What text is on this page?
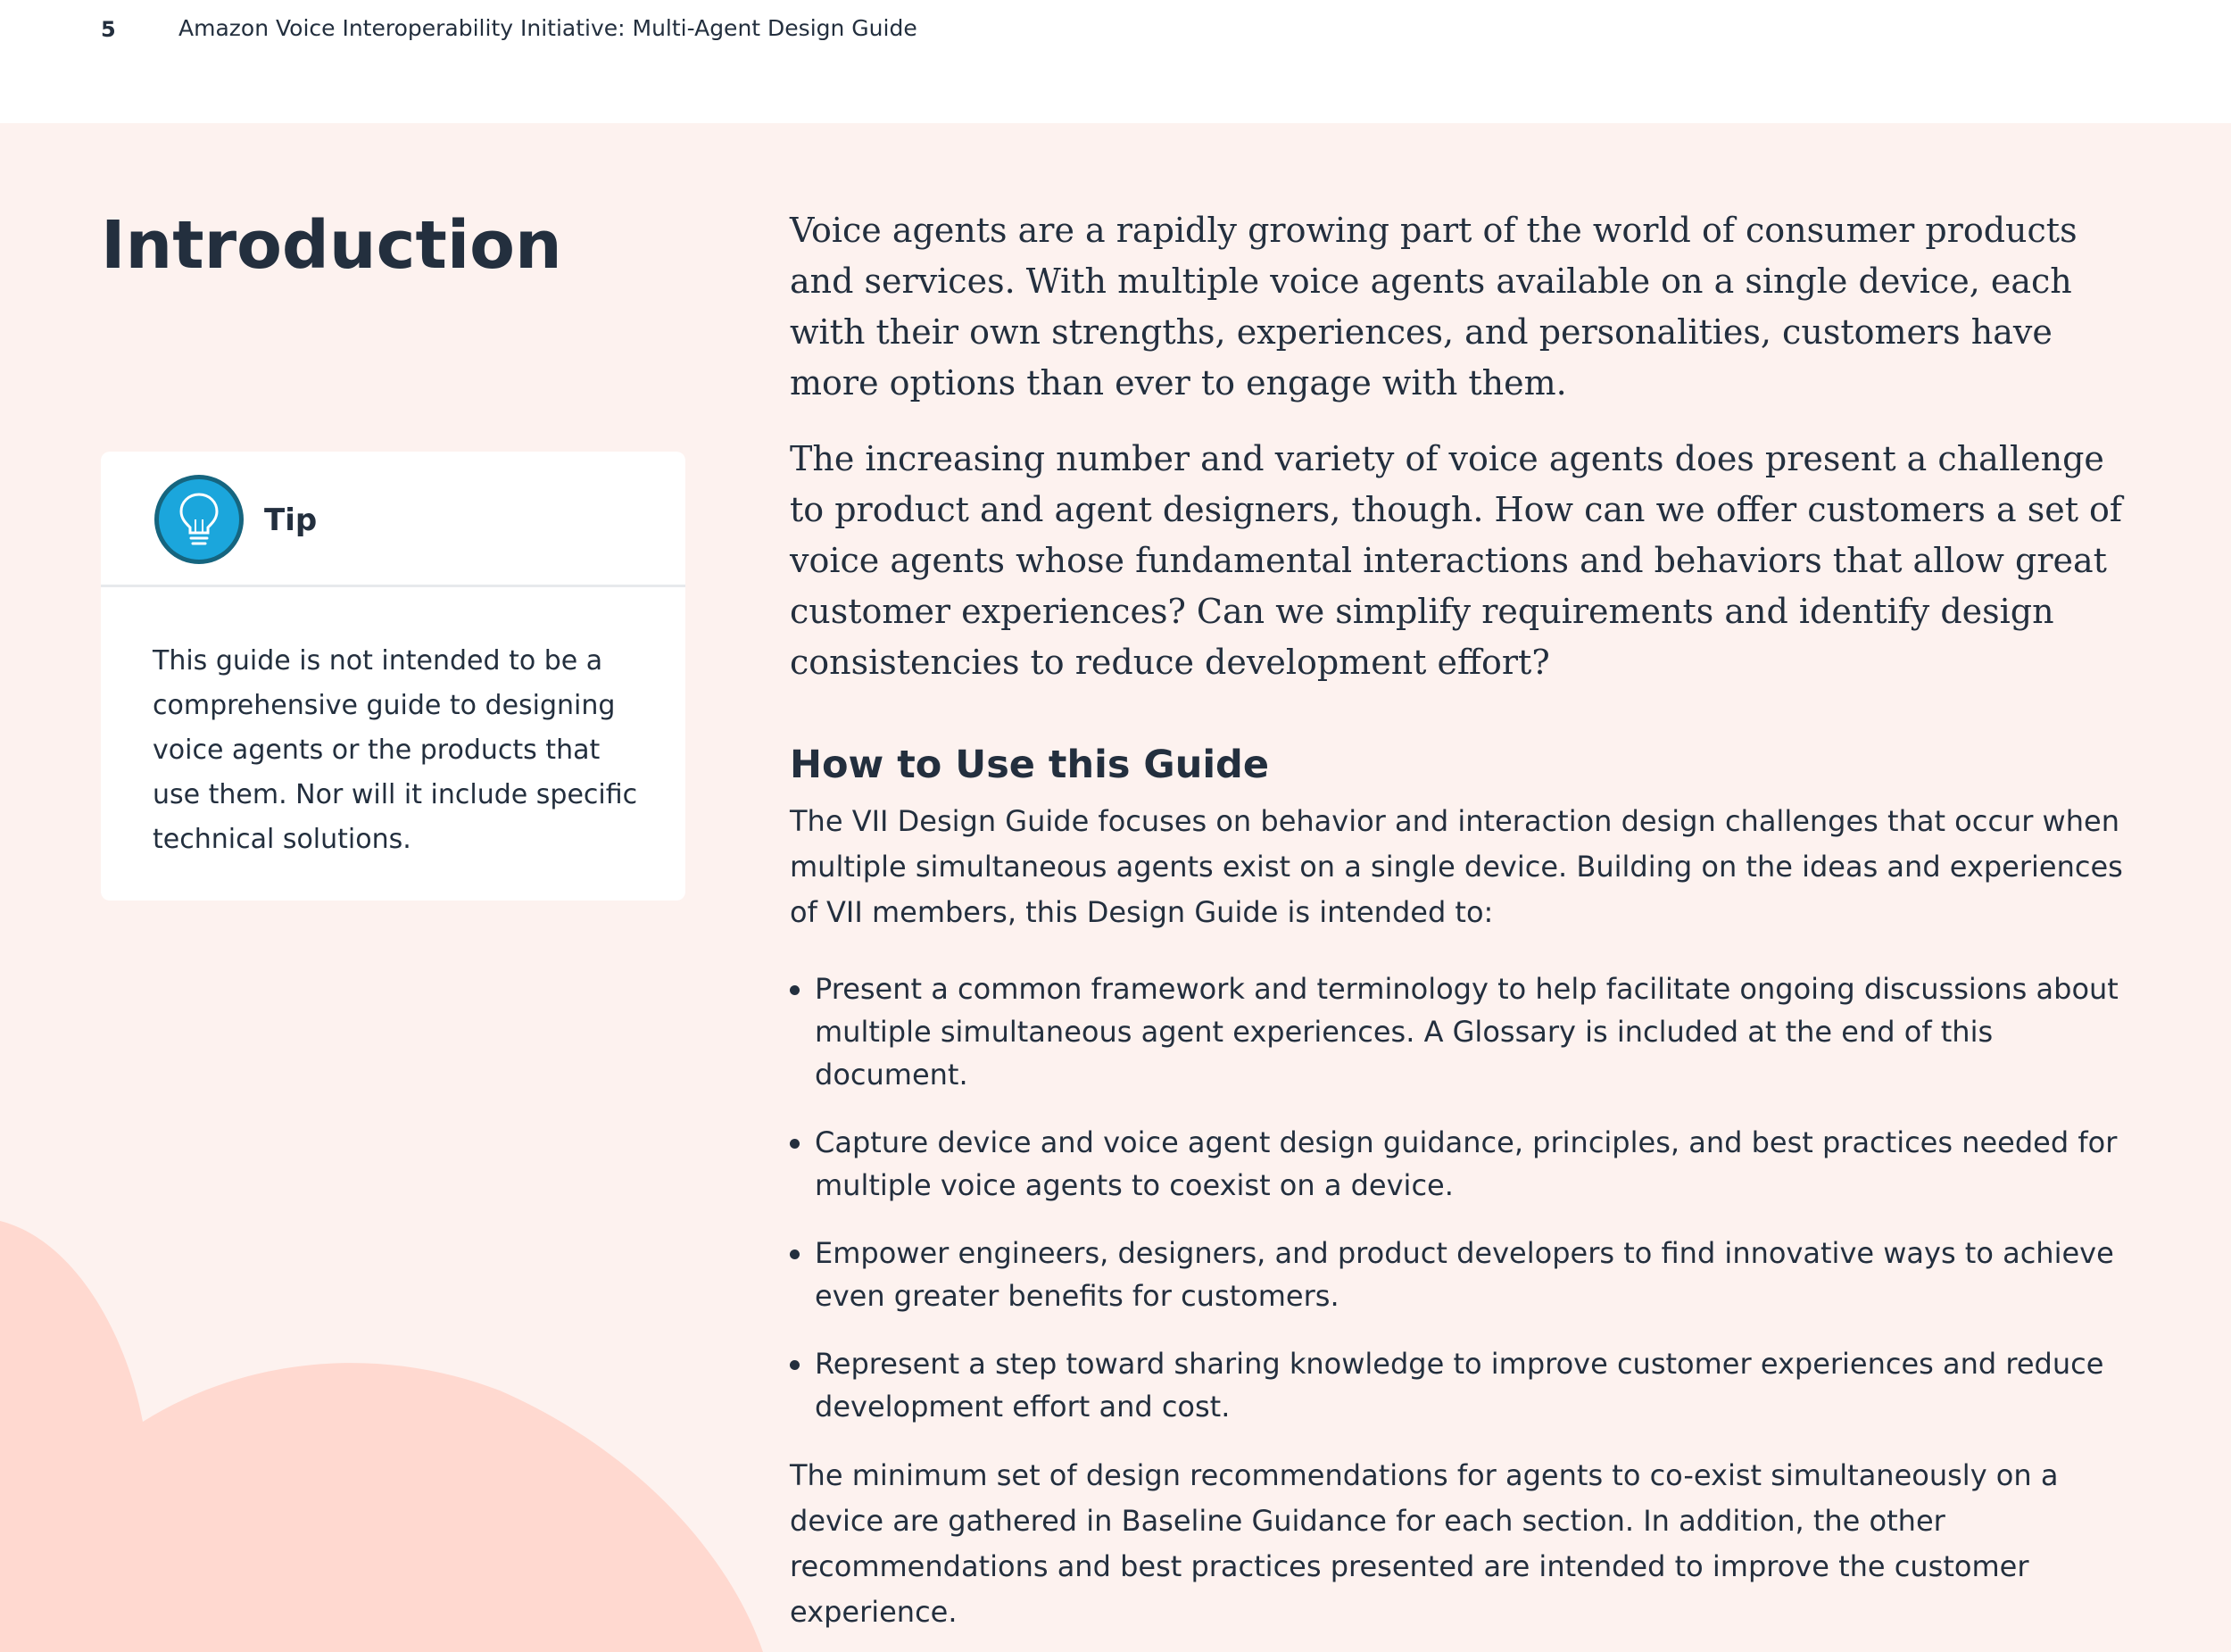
5	Amazon Voice Interoperability Initiative: Multi-Agent Design Guide
Introduction
Tip

This guide is not intended to be a comprehensive guide to designing voice agents or the products that use them. Nor will it include specific technical solutions.

Voice agents are a rapidly growing part of the world of consumer products and services. With multiple voice agents available on a single device, each with their own strengths, experiences, and personalities, customers have more options than ever to engage with them.

The increasing number and variety of voice agents does present a challenge to product and agent designers, though. How can we offer customers a set of voice agents whose fundamental interactions and behaviors that allow great customer experiences? Can we simplify requirements and identify design consistencies to reduce development effort?

How to Use this Guide

The VII Design Guide focuses on behavior and interaction design challenges that occur when multiple simultaneous agents exist on a single device. Building on the ideas and experiences of VII members, this Design Guide is intended to:

Present a common framework and terminology to help facilitate ongoing discussions about multiple simultaneous agent experiences. A Glossary is included at the end of this document.
Capture device and voice agent design guidance, principles, and best practices needed for multiple voice agents to coexist on a device.
Empower engineers, designers, and product developers to find innovative ways to achieve even greater benefits for customers.
Represent a step toward sharing knowledge to improve customer experiences and reduce development effort and cost.

The minimum set of design recommendations for agents to co-exist simultaneously on a device are gathered in Baseline Guidance for each section. In addition, the other recommendations and best practices presented are intended to improve the customer experience.
